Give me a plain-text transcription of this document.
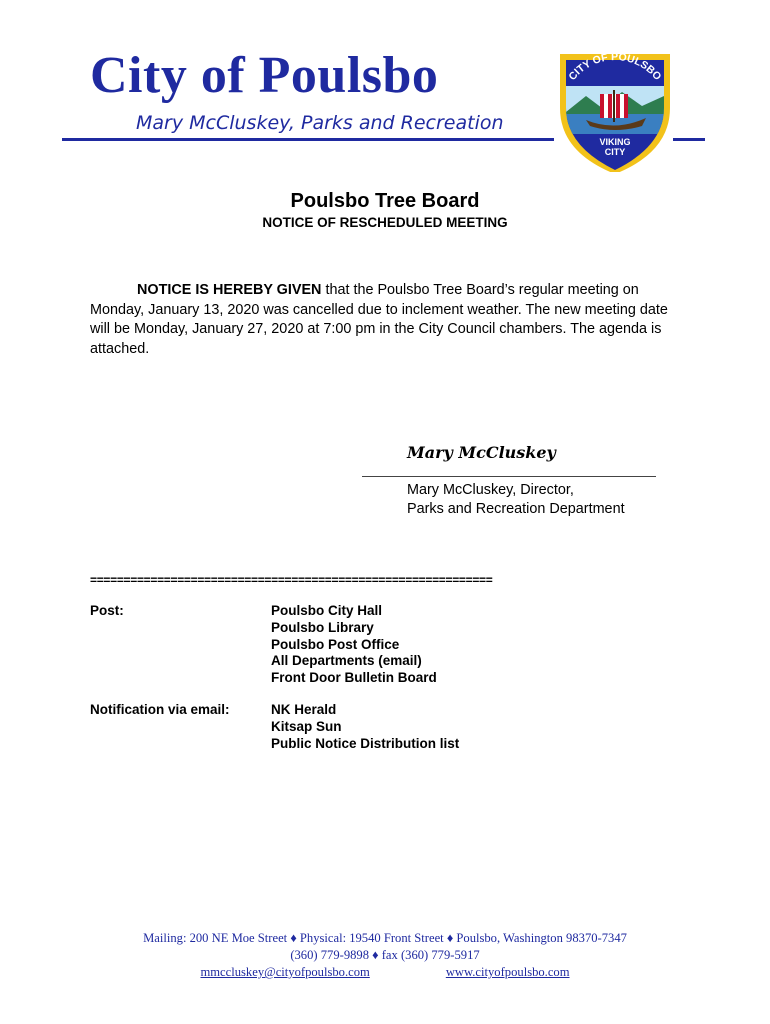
City of Poulsbo
Mary McCluskey, Parks and Recreation
CITY OF POULSBO
VIKING
CITY
Poulsbo Tree Board
NOTICE OF RESCHEDULED MEETING
NOTICE IS HEREBY GIVEN that the Poulsbo Tree Board’s regular meeting on Monday, January 13, 2020 was cancelled due to inclement weather. The new meeting date will be Monday, January 27, 2020 at 7:00 pm in the City Council chambers. The agenda is attached.
Mary McCluskey
Mary McCluskey, Director,
Parks and Recreation Department
============================================================
Post:	Poulsbo City Hall
Poulsbo Library
Poulsbo Post Office
All Departments (email)
Front Door Bulletin Board
Notification via email:	NK Herald
Kitsap Sun
Public Notice Distribution list
Mailing: 200 NE Moe Street ♦ Physical: 19540 Front Street ♦ Poulsbo, Washington 98370-7347
(360) 779-9898 ♦ fax (360) 779-5917
mmccluskey@cityofpoulsbo.com	www.cityofpoulsbo.com
